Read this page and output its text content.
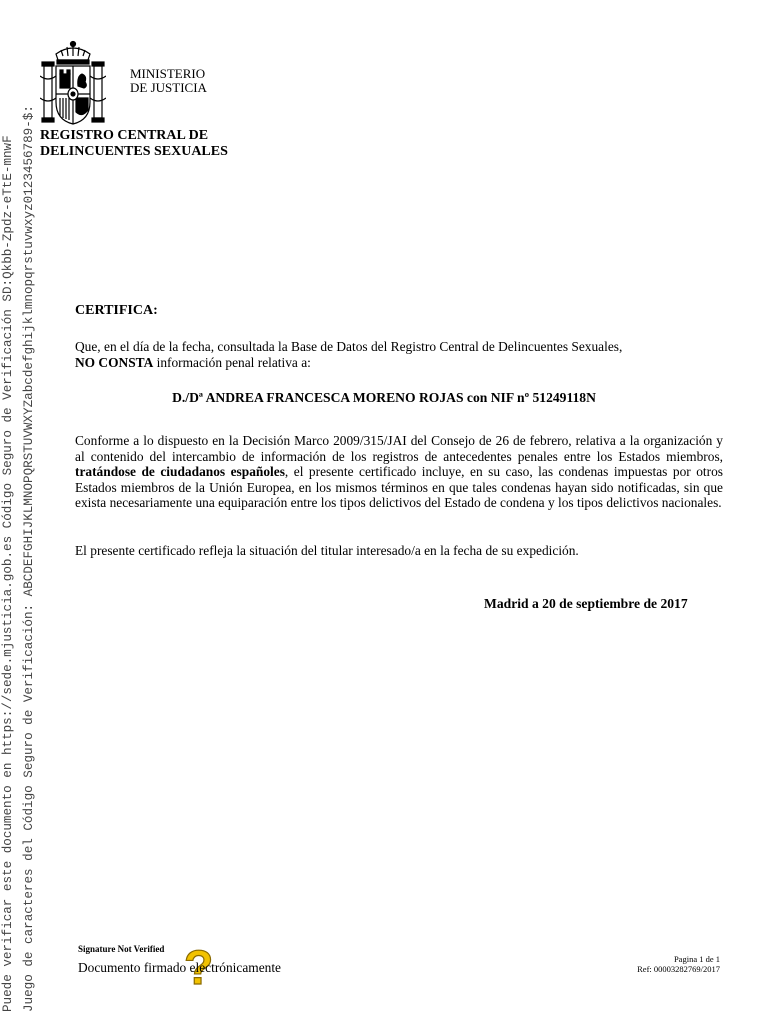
Puede verificar este documento en https://sede.mjusticia.gob.es Código Seguro de Verificación SD:Qkbb-Zpdz-eTtE-mnwF Juego de caracteres del Código Seguro de Verificación: ABCDEFGHIJKLMNOPQRSTUVWXYZabcdefghijklmnopqrstuvwxyz0123456789-$:
MINISTERIO
DE JUSTICIA
REGISTRO CENTRAL DE
DELINCUENTES SEXUALES
CERTIFICA:
Que, en el día de la fecha, consultada la Base de Datos del Registro Central de Delincuentes Sexuales,
NO CONSTA información penal relativa a:
D./Dª ANDREA FRANCESCA MORENO ROJAS con NIF nº 51249118N
Conforme a lo dispuesto en la Decisión Marco 2009/315/JAI del Consejo de 26 de febrero, relativa a la organización y al contenido del intercambio de información de los registros de antecedentes penales entre los Estados miembros, tratándose de ciudadanos españoles, el presente certificado incluye, en su caso, las condenas impuestas por otros Estados miembros de la Unión Europea, en los mismos términos en que tales condenas hayan sido notificadas, sin que exista necesariamente una equiparación entre los tipos delictivos del Estado de condena y los tipos delictivos nacionales.
El presente certificado refleja la situación del titular interesado/a en la fecha de su expedición.
Madrid a 20 de septiembre de 2017
Signature Not Verified ?
Documento firmado electrónicamente
Pagina 1 de 1
Ref: 00003282769/2017
